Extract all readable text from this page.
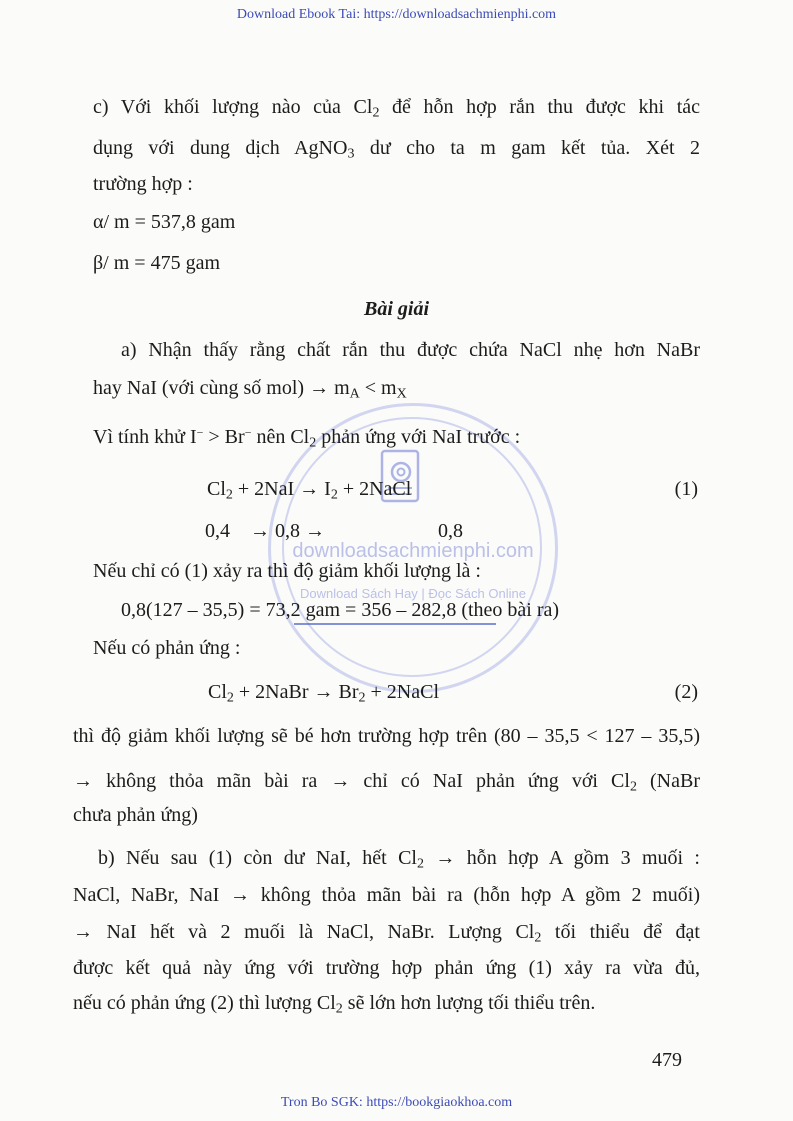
Download Ebook Tai: https://downloadsachmienphi.com
downloadsachmienphi.com
Download Sách Hay | Đọc Sách Online
c) Với khối lượng nào của $Cl_2$ để hỗn hợp rắn thu được khi tác
dụng với dung dịch AgNO$_3$ dư cho ta m gam kết tủa. Xét 2
trường hợp :
α/ m = 537,8 gam
β/ m = 475 gam
Bài giải
a) Nhận thấy rằng chất rắn thu được chứa NaCl nhẹ hơn NaBr
hay NaI (với cùng số $mol) \to m_A < m_X$
Vì tính khử I− > Br− nên $Cl_2$ phản ứng với NaI trước :
$Cl_2 + 2NaI \to I_2$ + 2NaCl	(1)
0,4 → 0,8 →	0,8
Nếu chỉ có (1) xảy ra thì độ giảm khối lượng là :
0,8(127 – 35,5) = 73,2 gam = 356 – 282,8 (theo bài ra)
Nếu có phản ứng :
$Cl_2$ + 2NaBr → $Br_2$ + 2NaCl	(2)
thì độ giảm khối lượng sẽ bé hơn trường hợp trên (80 – 35,5 < 127 – 35,5)
→ không thỏa mãn bài ra → chỉ có NaI phản ứng với $Cl_2$ (NaBr
chưa phản ứng)
b) Nếu sau (1) còn dư NaI, hết $Cl_2$ → hỗn hợp A gồm 3 muối :
NaCl, NaBr, NaI → không thỏa mãn bài ra (hỗn hợp A gồm 2 muối)
→ NaI hết và 2 muối là NaCl, NaBr. Lượng $Cl_2$ tối thiểu để đạt
được kết quả này ứng với trường hợp phản ứng (1) xảy ra vừa đủ,
nếu có phản ứng (2) thì lượng $Cl_2$ sẽ lớn hơn lượng tối thiểu trên.
479
Tron Bo SGK: https://bookgiaokhoa.com
